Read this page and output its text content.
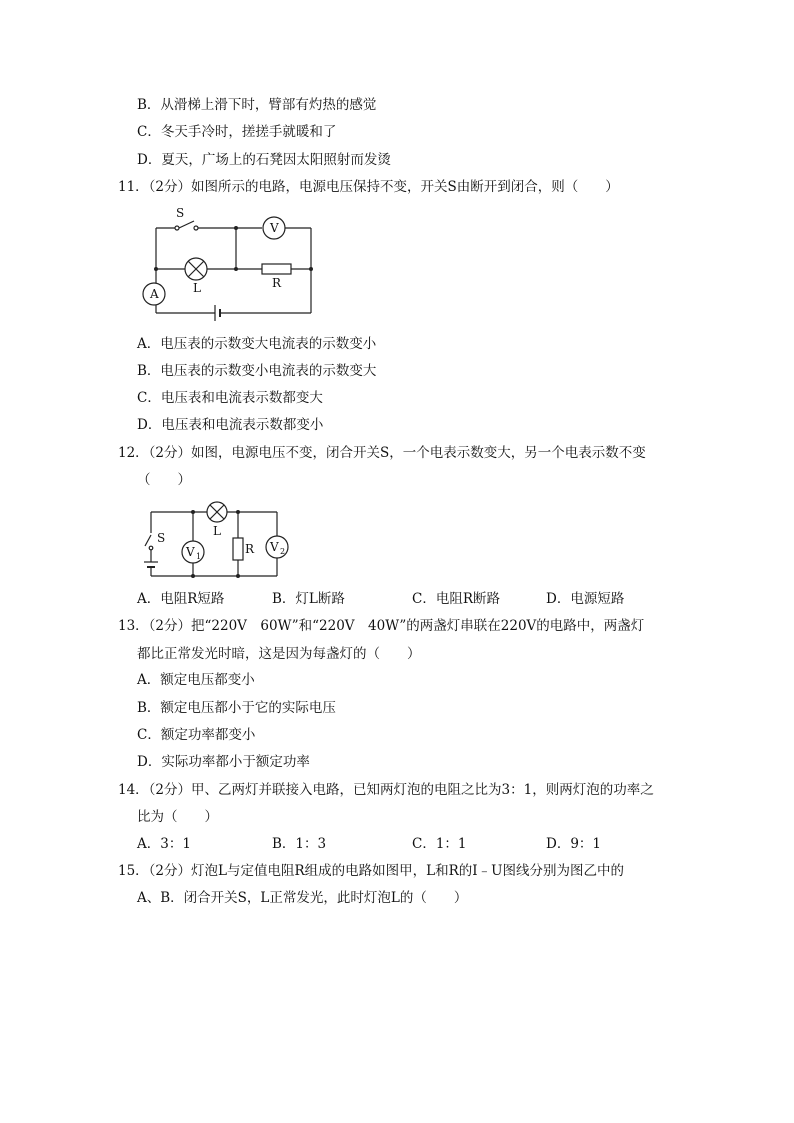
B．从滑梯上滑下时，臂部有灼热的感觉
C．冬天手冷时，搓搓手就暖和了
D．夏天，广场上的石凳因太阳照射而发烫
11．（2分）如图所示的电路，电源电压保持不变，开关S由断开到闭合，则（　　）
S
V
L	R
A
S
V 1
L
R V 2
A．电压表的示数变大电流表的示数变小
B．电压表的示数变小电流表的示数变大
C．电压表和电流表示数都变大
D．电压表和电流表示数都变小
12．（2分）如图，电源电压不变，闭合开关S，一个电表示数变大，另一个电表示数不变
（　　）
A．电阻R短路	B．灯L断路	C．电阻R断路	D．电源短路
13．（2分）把“220V　60W”和“220V　40W”的两盏灯串联在220V的电路中，两盏灯
都比正常发光时暗，这是因为每盏灯的（　　）
A．额定电压都变小
B．额定电压都小于它的实际电压
C．额定功率都变小
D．实际功率都小于额定功率
14．（2分）甲、乙两灯并联接入电路，已知两灯泡的电阻之比为3：1，则两灯泡的功率之
比为（　　）
A．3：1	B．1：3	C．1：1	D．9：1
15．（2分）灯泡L与定值电阻R组成的电路如图甲，L和R的I﹣U图线分别为图乙中的
A、B．闭合开关S，L正常发光，此时灯泡L的（　　）
